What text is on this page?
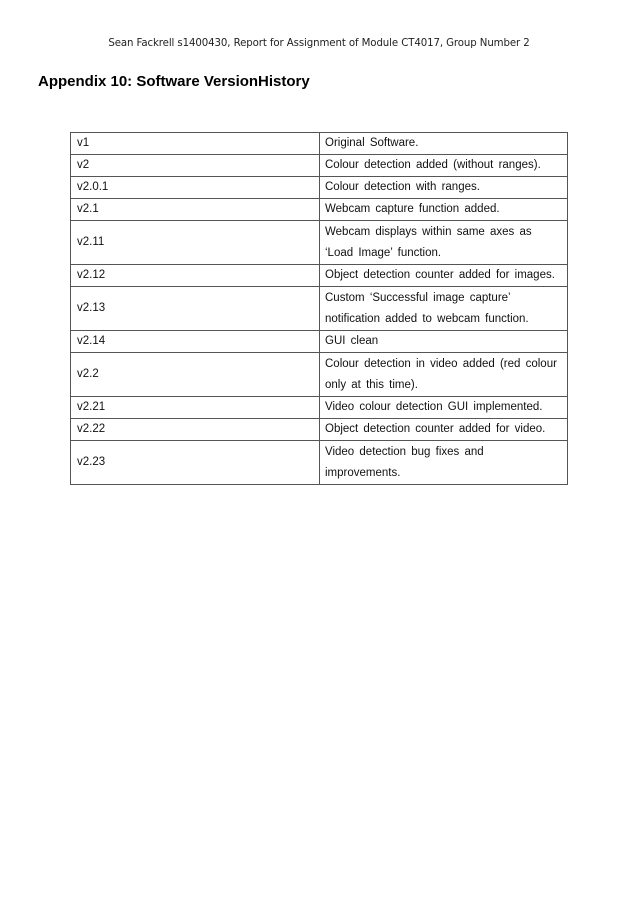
Sean Fackrell s1400430, Report for Assignment of Module CT4017, Group Number 2
Appendix 10: Software VersionHistory
v1	Original Software.
v2	Colour detection added (without ranges).
v2.0.1	Colour detection with ranges.
v2.1	Webcam capture function added.
v2.11	Webcam displays within same axes as ‘Load Image’ function.
v2.12	Object detection counter added for images.
v2.13	Custom ‘Successful image capture’ notification added to webcam function.
v2.14	GUI clean
v2.2	Colour detection in video added (red colour only at this time).
v2.21	Video colour detection GUI implemented.
v2.22	Object detection counter added for video.
v2.23	Video detection bug fixes and improvements.
